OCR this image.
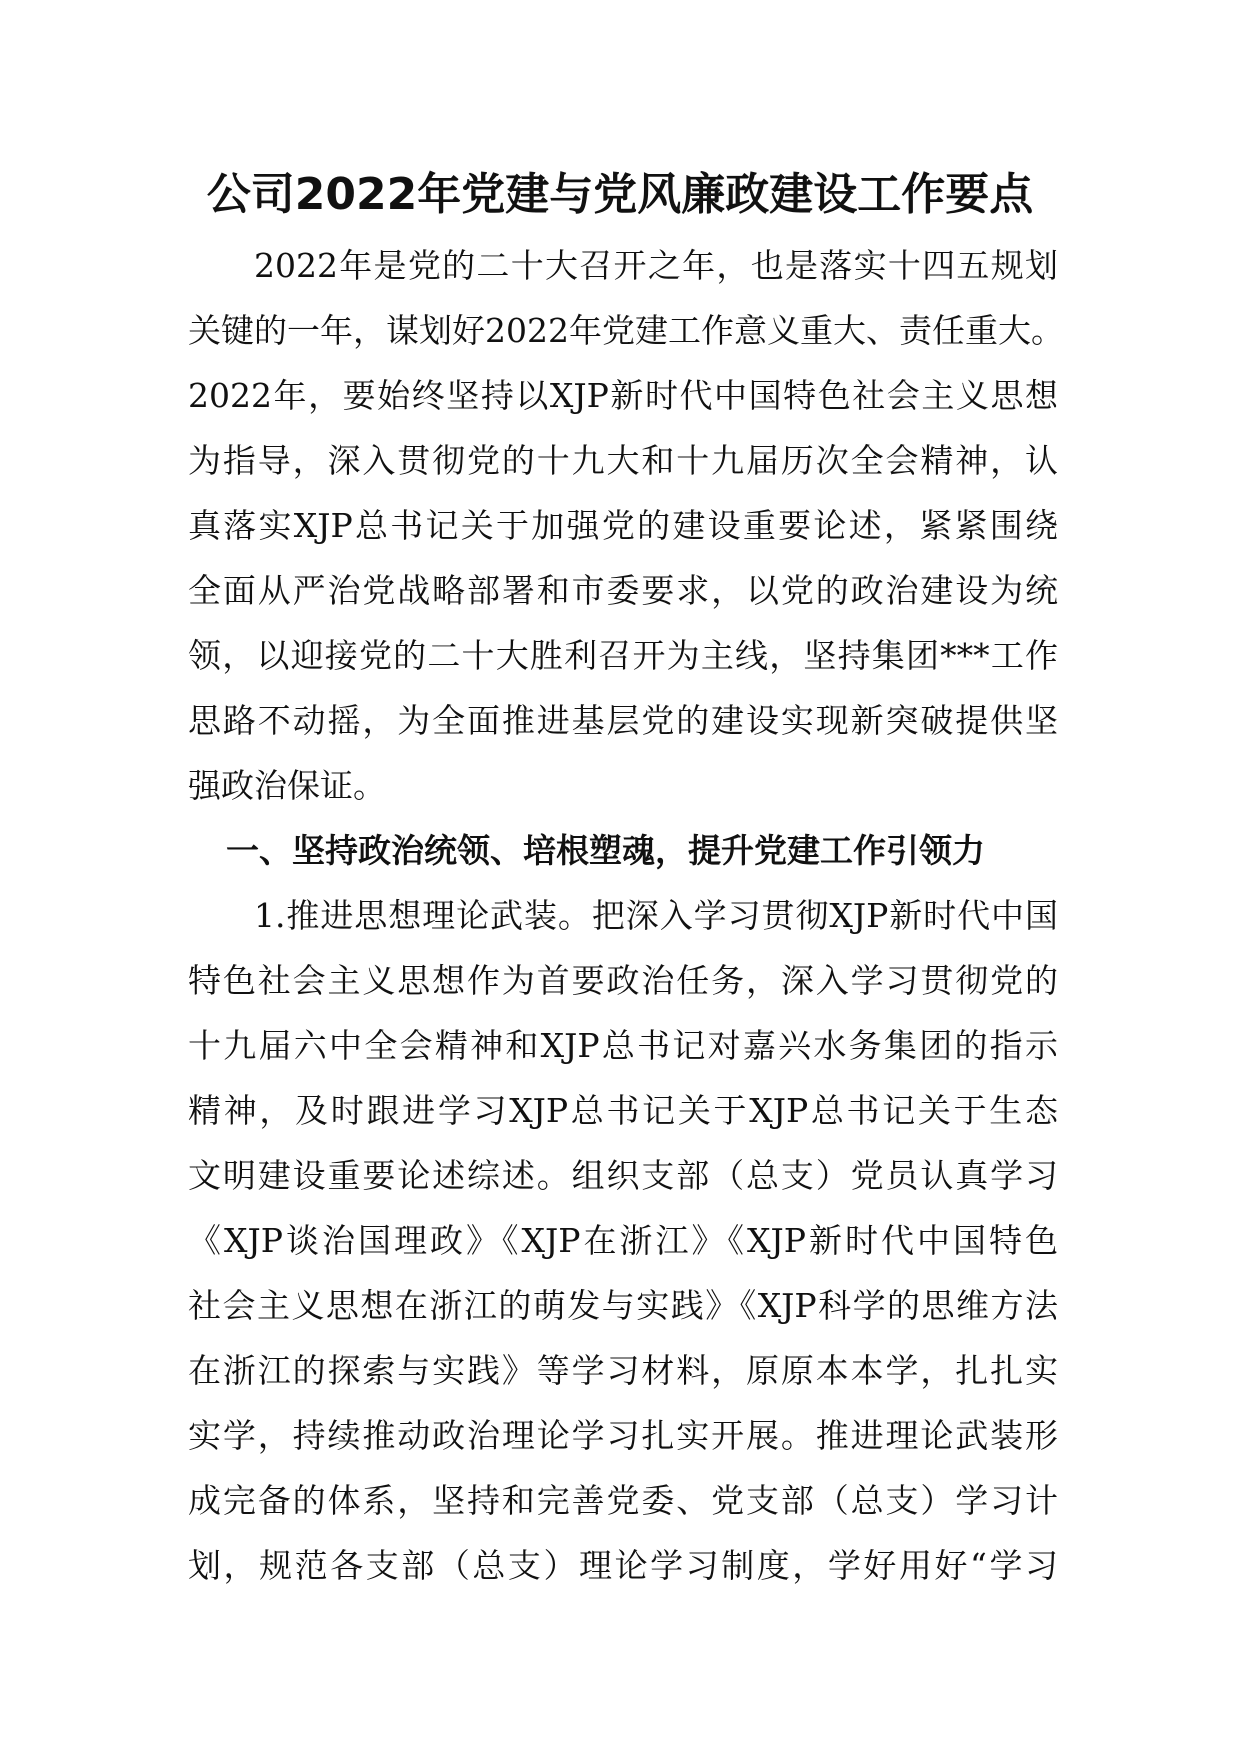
公司2022年党建与党风廉政建设工作要点
2022年是党的二十大召开之年，也是落实十四五规划
关键的一年，谋划好2022年党建工作意义重大、责任重大。
2022年，要始终坚持以XJP新时代中国特色社会主义思想
为指导，深入贯彻党的十九大和十九届历次全会精神，认
真落实XJP总书记关于加强党的建设重要论述，紧紧围绕
全面从严治党战略部署和市委要求，以党的政治建设为统
领，以迎接党的二十大胜利召开为主线，坚持集团***工作
思路不动摇，为全面推进基层党的建设实现新突破提供坚
强政治保证。
一、坚持政治统领、培根塑魂，提升党建工作引领力
1.推进思想理论武装。把深入学习贯彻XJP新时代中国
特色社会主义思想作为首要政治任务，深入学习贯彻党的
十九届六中全会精神和XJP总书记对嘉兴水务集团的指示
精神，及时跟进学习XJP总书记关于XJP总书记关于生态
文明建设重要论述综述。组织支部（总支）党员认真学习
《XJP谈治国理政》《XJP在浙江》《XJP新时代中国特色
社会主义思想在浙江的萌发与实践》《XJP科学的思维方法
在浙江的探索与实践》等学习材料，原原本本学，扎扎实
实学，持续推动政治理论学习扎实开展。推进理论武装形
成完备的体系，坚持和完善党委、党支部（总支）学习计
划，规范各支部（总支）理论学习制度，学好用好“学习
